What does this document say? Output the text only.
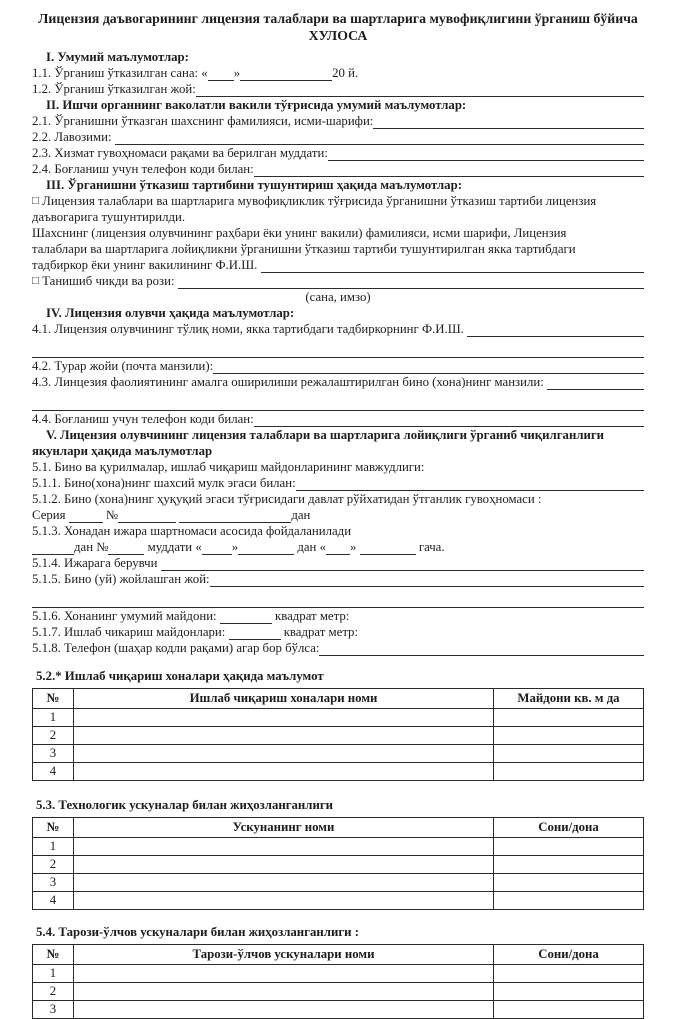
Лицензия даъвогарининг лицензия талаблари ва шартларига мувофиқлигини ўрганиш бўйича
ХУЛОСА
I. Умумий маълумотлар:
1.1. Ўрганиш ўтказилган сана: « »	20 й.
1.2. Ўрганиш ўтказилган жой:
II. Ишчи органнинг ваколатли вакили тўғрисида умумий маълумотлар:
2.1. Ўрганишни ўтказган шахснинг фамилияси, исми-шарифи:
2.2. Лавозими:
2.3. Хизмат гувоҳномаси рақами ва берилган муддати:
2.4. Боғланиш учун телефон коди билан:
III. Ўрганишни ўтказиш тартибини тушунтириш ҳақида маълумотлар:
□ Лицензия талаблари ва шартларига мувофиқликлик тўғрисида ўрганишни ўтказиш тартиби лицензия
даъвогарига тушунтирилди.
Шахснинг (лицензия олувчининг раҳбари ёки унинг вакили) фамилияси, исми шарифи, Лицензия
талаблари ва шартларига лойиқликни ўрганишни ўтказиш тартиби тушунтирилган якка тартибдаги
тадбиркор ёки унинг вакилининг Ф.И.Ш.
□ Танишиб чикди ва рози:
(сана, имзо)
IV. Лицензия олувчи ҳақида маълумотлар:
4.1. Лицензия олувчининг тўлиқ номи, якка тартибдаги тадбиркорнинг Ф.И.Ш.
4.2. Турар жойи (почта манзили):
4.3. Линцезия фаолиятининг амалга оширилиши режалаштирилган бино (хона)нинг манзили:
4.4. Боғланиш учун телефон коди билан:
V. Лицензия олувчининг лицензия талаблари ва шартларига лойиқлиги ўрганиб чиқилганлиги
якунлари ҳақида маълумотлар
5.1. Бино ва қурилмалар, ишлаб чиқариш майдонларининг мавжудлиги:
5.1.1. Бино(хона)нинг шахсий мулк эгаси билан:
5.1.2. Бино (хона)нинг ҳуқуқий эгаси тўғрисидаги давлат рўйхатидан ўтганлик гувоҳномаси :
Серия	№
	дан
5.1.3. Хонадан ижара шартномаси асосида фойдаланилади
дан №	муддати « »	дан « »	гача.
5.1.4. Ижарага берувчи
5.1.5. Бино (уй) жойлашган жой:
5.1.6. Хонанинг умумий майдони:	квадрат метр:
5.1.7. Ишлаб чикариш майдонлари:	квадрат метр:
5.1.8. Телефон (шаҳар кодли рақами) агар бор бўлса:
5.2.* Ишлаб чиқариш хоналари ҳақида маълумот
№	Ишлаб чиқариш хоналари номи	Майдони кв. м да
1		
2		
3		
4		
5.3. Технологик ускуналар билан жиҳозланганлиги
№	Ускунанинг номи	Сони/дона
1		
2		
3		
4		
5.4. Тарози-ўлчов ускуналари билан жиҳозланганлиги :
№	Тарози-ўлчов ускуналари номи	Сони/дона
1		
2		
3		
